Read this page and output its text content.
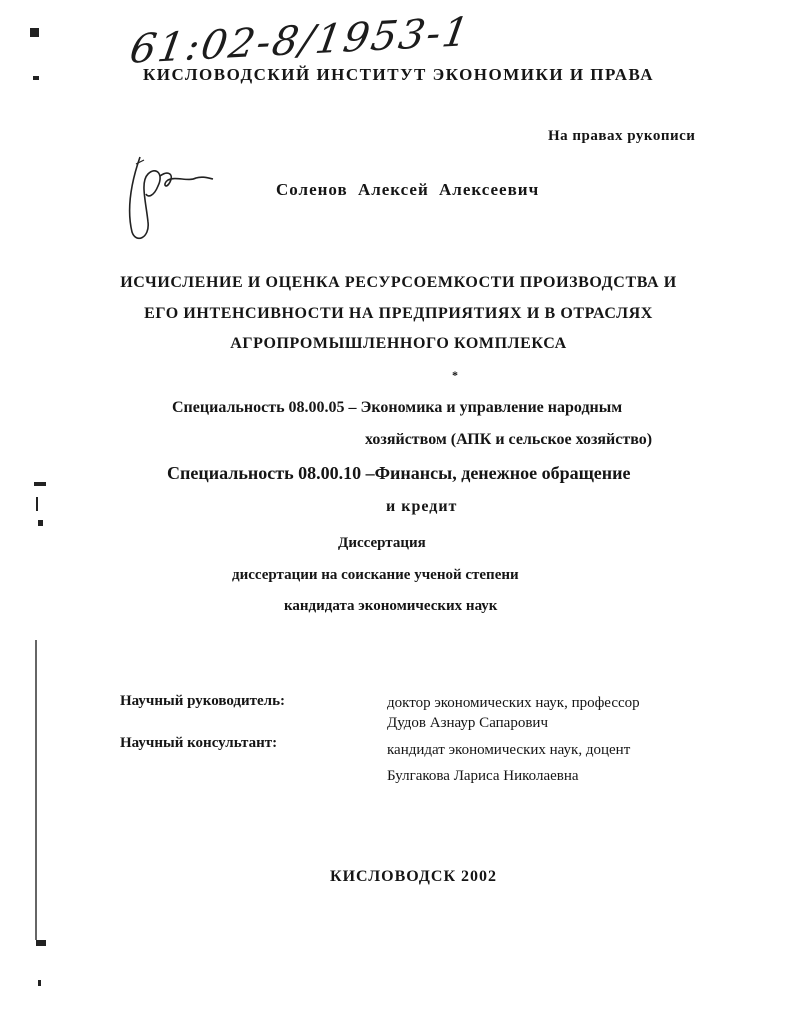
61:02-8/1953-1
КИСЛОВОДСКИЙ ИНСТИТУТ ЭКОНОМИКИ И ПРАВА
На правах рукописи
Соленов Алексей Алексеевич
ИСЧИСЛЕНИЕ И ОЦЕНКА РЕСУРСОЕМКОСТИ ПРОИЗВОДСТВА И
ЕГО ИНТЕНСИВНОСТИ НА ПРЕДПРИЯТИЯХ И В ОТРАСЛЯХ
АГРОПРОМЫШЛЕННОГО КОМПЛЕКСА
*
Специальность 08.00.05 – Экономика и управление народным
хозяйством (АПК и сельское хозяйство)
Специальность 08.00.10 –Финансы, денежное обращение
и кредит
Диссертация
диссертации на соискание ученой степени
кандидата экономических наук
Научный руководитель:	доктор экономических наук, профессор
Дудов Азнаур Сапарович
Научный консультант:	кандидат экономических наук, доцент
Булгакова Лариса Николаевна
КИСЛОВОДСК 2002
